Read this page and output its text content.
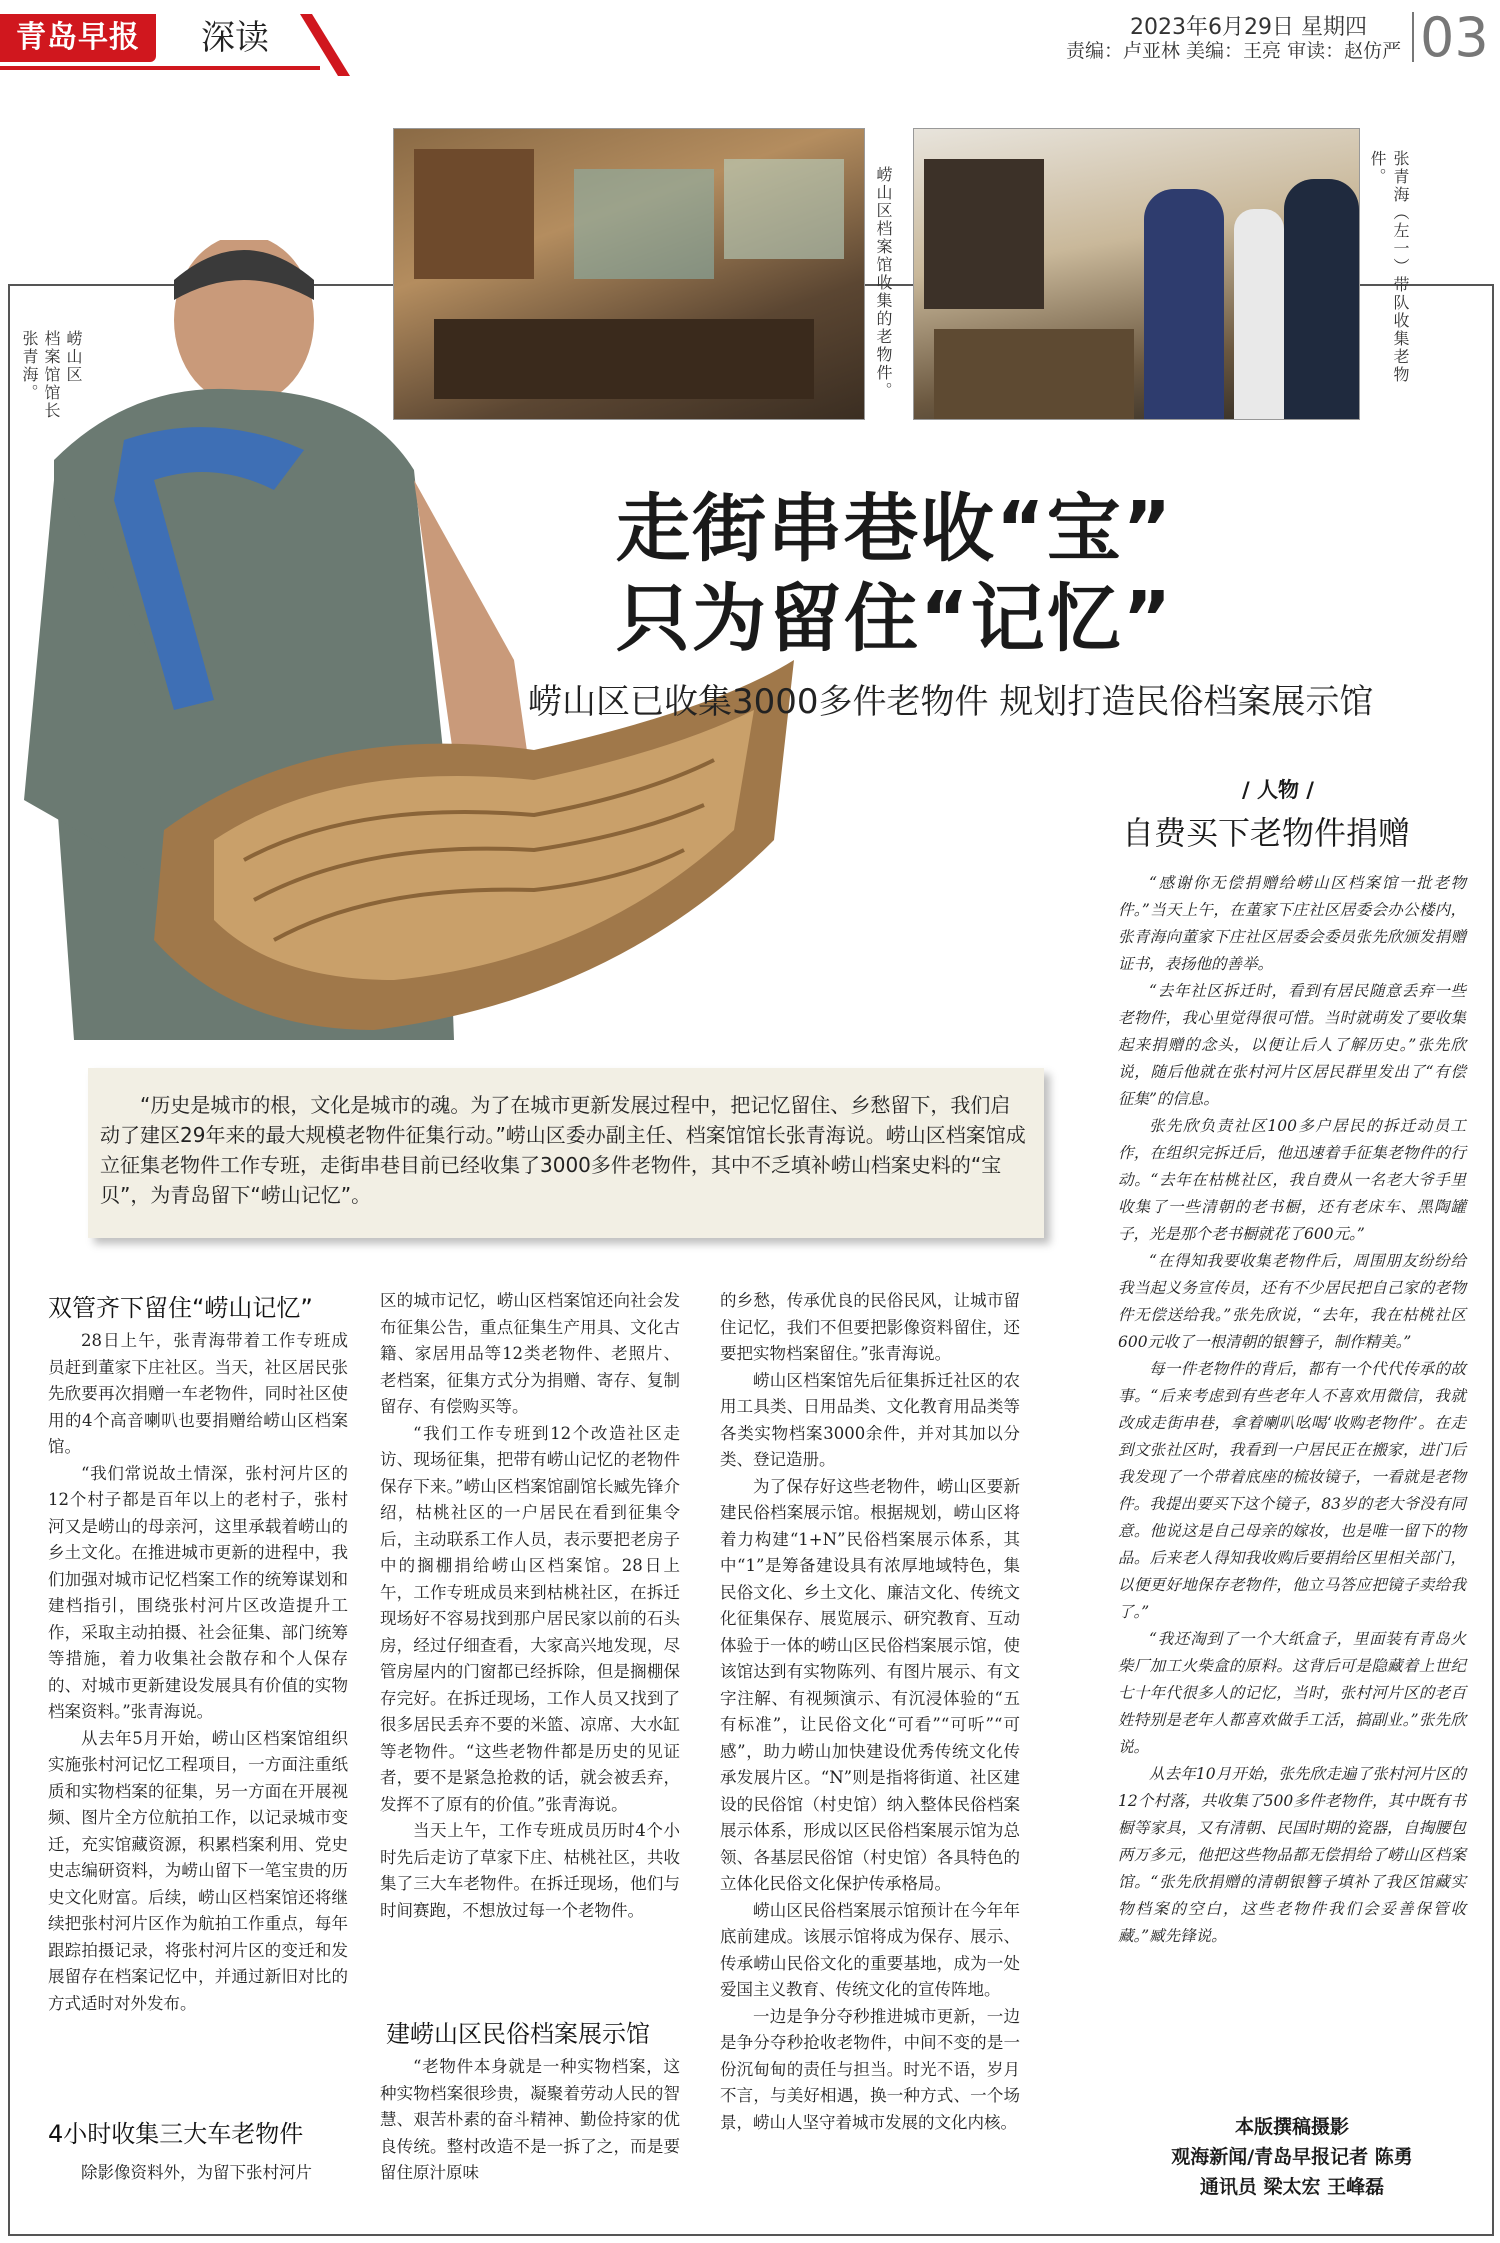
青岛早报	深读	2023年6月29日 星期四
责编：卢亚林 美编：王亮 审读：赵仿严 03
崂山区档案馆收集的老物件。	张青海（左一）带队收集老物件。
崂山区
档案馆馆长
张青海。
走街串巷收“宝”
只为留住“记忆”
崂山区已收集3000多件老物件 规划打造民俗档案展示馆
/ 人物 /
自费买下老物件捐赠

“感谢你无偿捐赠给崂山区档案馆一批老物件。”当天上午，在董家下庄社区居委会办公楼内，张青海向董家下庄社区居委会委员张先欣颁发捐赠证书，表扬他的善举。

“去年社区拆迁时，看到有居民随意丢弃一些老物件，我心里觉得很可惜。当时就萌发了要收集起来捐赠的念头，以便让后人了解历史。”张先欣说，随后他就在张村河片区居民群里发出了“有偿征集”的信息。

张先欣负责社区100多户居民的拆迁动员工作，在组织完拆迁后，他迅速着手征集老物件的行动。“去年在枯桃社区，我自费从一名老大爷手里收集了一些清朝的老书橱，还有老床车、黑陶罐子，光是那个老书橱就花了600元。”

“在得知我要收集老物件后，周围朋友纷纷给我当起义务宣传员，还有不少居民把自己家的老物件无偿送给我。”张先欣说，“去年，我在枯桃社区600元收了一根清朝的银簪子，制作精美。”

每一件老物件的背后，都有一个代代传承的故事。“后来考虑到有些老年人不喜欢用微信，我就改成走街串巷，拿着喇叭吆喝‘收购老物件’。在走到文张社区时，我看到一户居民正在搬家，进门后我发现了一个带着底座的梳妆镜子，一看就是老物件。我提出要买下这个镜子，83岁的老大爷没有同意。他说这是自己母亲的嫁妆，也是唯一留下的物品。后来老人得知我收购后要捐给区里相关部门，以便更好地保存老物件，他立马答应把镜子卖给我了。”

“我还淘到了一个大纸盒子，里面装有青岛火柴厂加工火柴盒的原料。这背后可是隐藏着上世纪七十年代很多人的记忆，当时，张村河片区的老百姓特别是老年人都喜欢做手工活，搞副业。”张先欣说。

从去年10月开始，张先欣走遍了张村河片区的12个村落，共收集了500多件老物件，其中既有书橱等家具，又有清朝、民国时期的瓷器，自掏腰包两万多元，他把这些物品都无偿捐给了崂山区档案馆。“张先欣捐赠的清朝银簪子填补了我区馆藏实物档案的空白，这些老物件我们会妥善保管收藏。”臧先锋说。

本版撰稿摄影
观海新闻/青岛早报记者 陈勇
通讯员 梁太宏 王峰磊
“历史是城市的根，文化是城市的魂。为了在城市更新发展过程中，把记忆留住、乡愁留下，我们启动了建区29年来的最大规模老物件征集行动。”崂山区委办副主任、档案馆馆长张青海说。崂山区档案馆成立征集老物件工作专班，走街串巷目前已经收集了3000多件老物件，其中不乏填补崂山档案史料的“宝贝”，为青岛留下“崂山记忆”。
双管齐下留住“崂山记忆”

28日上午，张青海带着工作专班成员赶到董家下庄社区。当天，社区居民张先欣要再次捐赠一车老物件，同时社区使用的4个高音喇叭也要捐赠给崂山区档案馆。

“我们常说故土情深，张村河片区的12个村子都是百年以上的老村子，张村河又是崂山的母亲河，这里承载着崂山的乡土文化。在推进城市更新的进程中，我们加强对城市记忆档案工作的统筹谋划和建档指引，围绕张村河片区改造提升工作，采取主动拍摄、社会征集、部门统筹等措施，着力收集社会散存和个人保存的、对城市更新建设发展具有价值的实物档案资料。”张青海说。

从去年5月开始，崂山区档案馆组织实施张村河记忆工程项目，一方面注重纸质和实物档案的征集，另一方面在开展视频、图片全方位航拍工作，以记录城市变迁，充实馆藏资源，积累档案利用、党史史志编研资料，为崂山留下一笔宝贵的历史文化财富。后续，崂山区档案馆还将继续把张村河片区作为航拍工作重点，每年跟踪拍摄记录，将张村河片区的变迁和发展留存在档案记忆中，并通过新旧对比的方式适时对外发布。

4小时收集三大车老物件

除影像资料外，为留下张村河片

区的城市记忆，崂山区档案馆还向社会发布征集公告，重点征集生产用具、文化古籍、家居用品等12类老物件、老照片、老档案，征集方式分为捐赠、寄存、复制留存、有偿购买等。

“我们工作专班到12个改造社区走访、现场征集，把带有崂山记忆的老物件保存下来。”崂山区档案馆副馆长臧先锋介绍，枯桃社区的一户居民在看到征集令后，主动联系工作人员，表示要把老房子中的搁棚捐给崂山区档案馆。28日上午，工作专班成员来到枯桃社区，在拆迁现场好不容易找到那户居民家以前的石头房，经过仔细查看，大家高兴地发现，尽管房屋内的门窗都已经拆除，但是搁棚保存完好。在拆迁现场，工作人员又找到了很多居民丢弃不要的米篮、凉席、大水缸等老物件。“这些老物件都是历史的见证者，要不是紧急抢救的话，就会被丢弃，发挥不了原有的价值。”张青海说。

当天上午，工作专班成员历时4个小时先后走访了草家下庄、枯桃社区，共收集了三大车老物件。在拆迁现场，他们与时间赛跑，不想放过每一个老物件。

建崂山区民俗档案展示馆

“老物件本身就是一种实物档案，这种实物档案很珍贵，凝聚着劳动人民的智慧、艰苦朴素的奋斗精神、勤俭持家的优良传统。整村改造不是一拆了之，而是要留住原汁原味

的乡愁，传承优良的民俗民风，让城市留住记忆，我们不但要把影像资料留住，还要把实物档案留住。”张青海说。

崂山区档案馆先后征集拆迁社区的农用工具类、日用品类、文化教育用品类等各类实物档案3000余件，并对其加以分类、登记造册。

为了保存好这些老物件，崂山区要新建民俗档案展示馆。根据规划，崂山区将着力构建“1+N”民俗档案展示体系，其中“1”是筹备建设具有浓厚地域特色，集民俗文化、乡土文化、廉洁文化、传统文化征集保存、展览展示、研究教育、互动体验于一体的崂山区民俗档案展示馆，使该馆达到有实物陈列、有图片展示、有文字注解、有视频演示、有沉浸体验的“五有标准”，让民俗文化“可看”“可听”“可感”，助力崂山加快建设优秀传统文化传承发展片区。“N”则是指将街道、社区建设的民俗馆（村史馆）纳入整体民俗档案展示体系，形成以区民俗档案展示馆为总领、各基层民俗馆（村史馆）各具特色的立体化民俗文化保护传承格局。

崂山区民俗档案展示馆预计在今年年底前建成。该展示馆将成为保存、展示、传承崂山民俗文化的重要基地，成为一处爱国主义教育、传统文化的宣传阵地。

一边是争分夺秒推进城市更新，一边是争分夺秒抢收老物件，中间不变的是一份沉甸甸的责任与担当。时光不语，岁月不言，与美好相遇，换一种方式、一个场景，崂山人坚守着城市发展的文化内核。
